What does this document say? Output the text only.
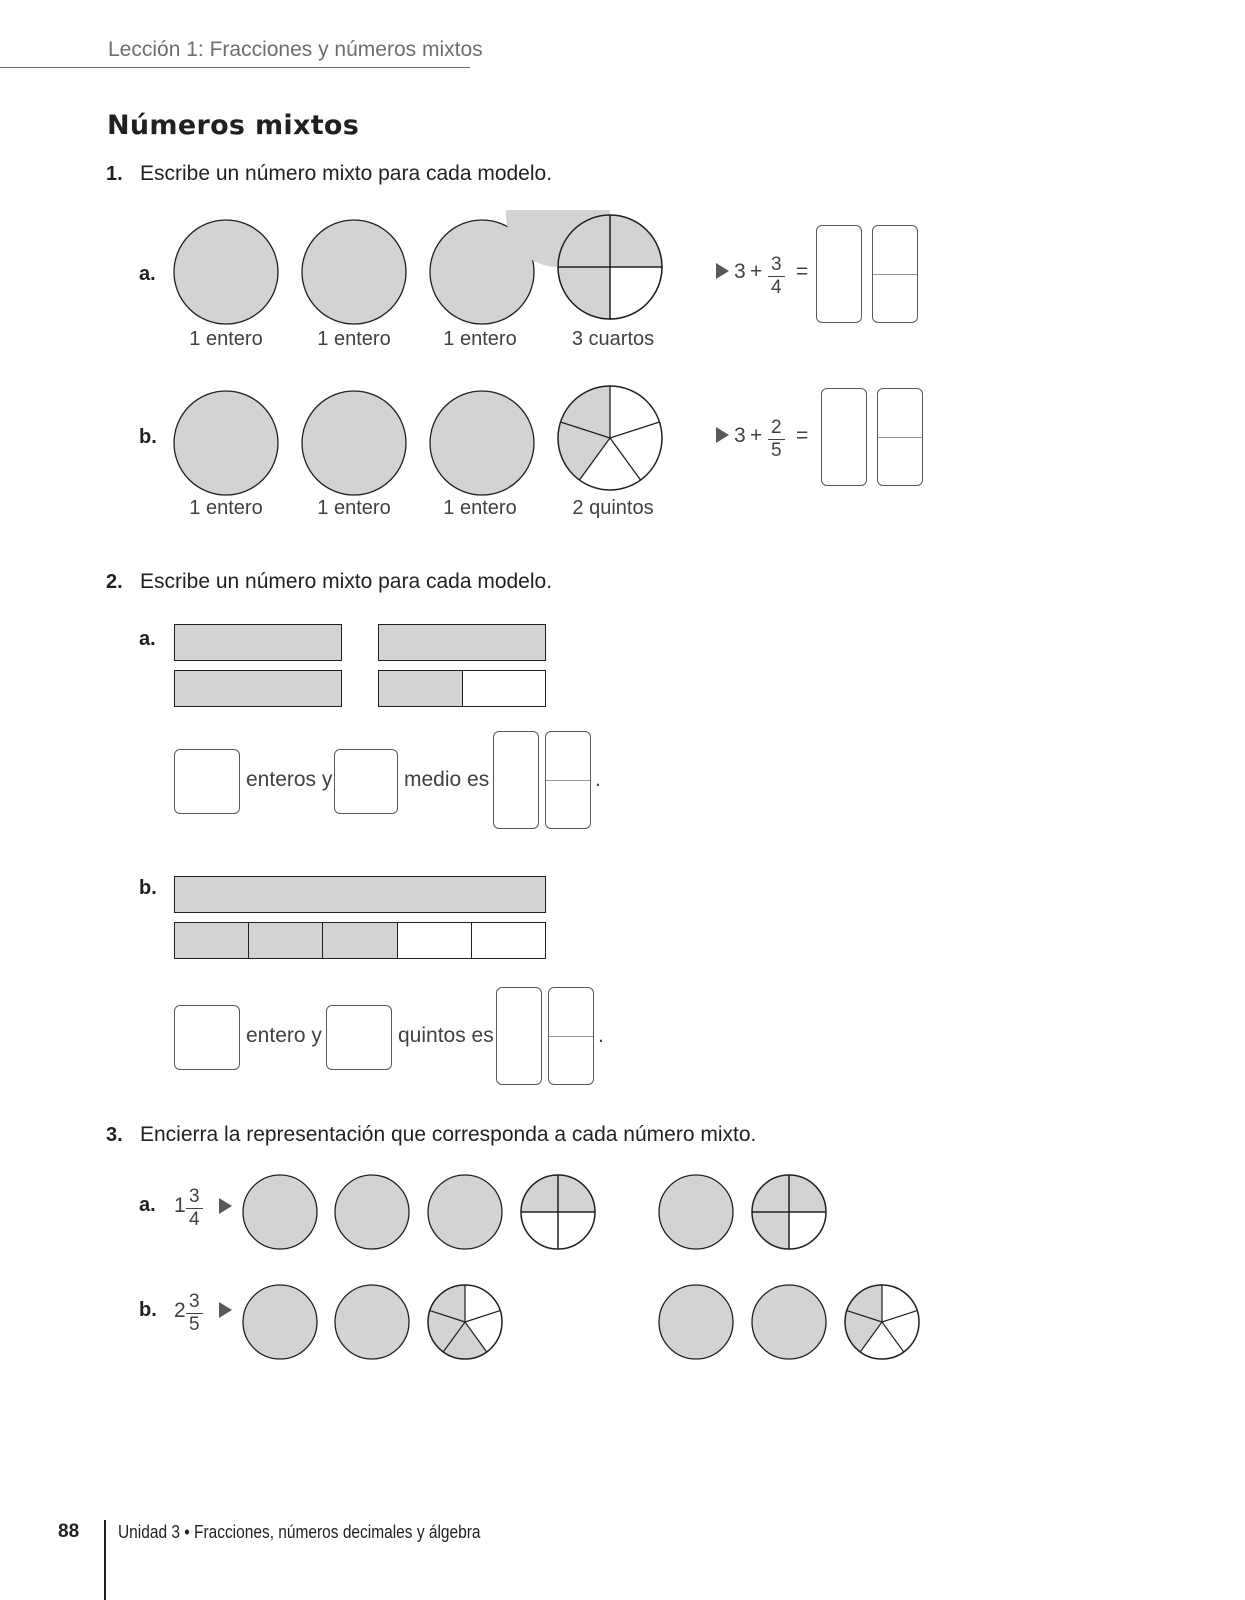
Lección 1: Fracciones y números mixtos
Números mixtos
1. Escribe un número mixto para cada modelo.
a.
1 entero	1 entero	1 entero	3 cuartos
$3 + \frac{3}{4}$ =
b.
1 entero	1 entero	1 entero	2 quintos
$3 + \frac{2}{5}$ =
2. Escribe un número mixto para cada modelo.
a.
enteros y	medio es	.
b.
entero y	quintos es	.
3. Encierra la representación que corresponda a cada número mixto.
a. $1 \frac{3}{4}$
b. $2 \frac{3}{5}$
88 Unidad 3 • Fracciones, números decimales y álgebra
